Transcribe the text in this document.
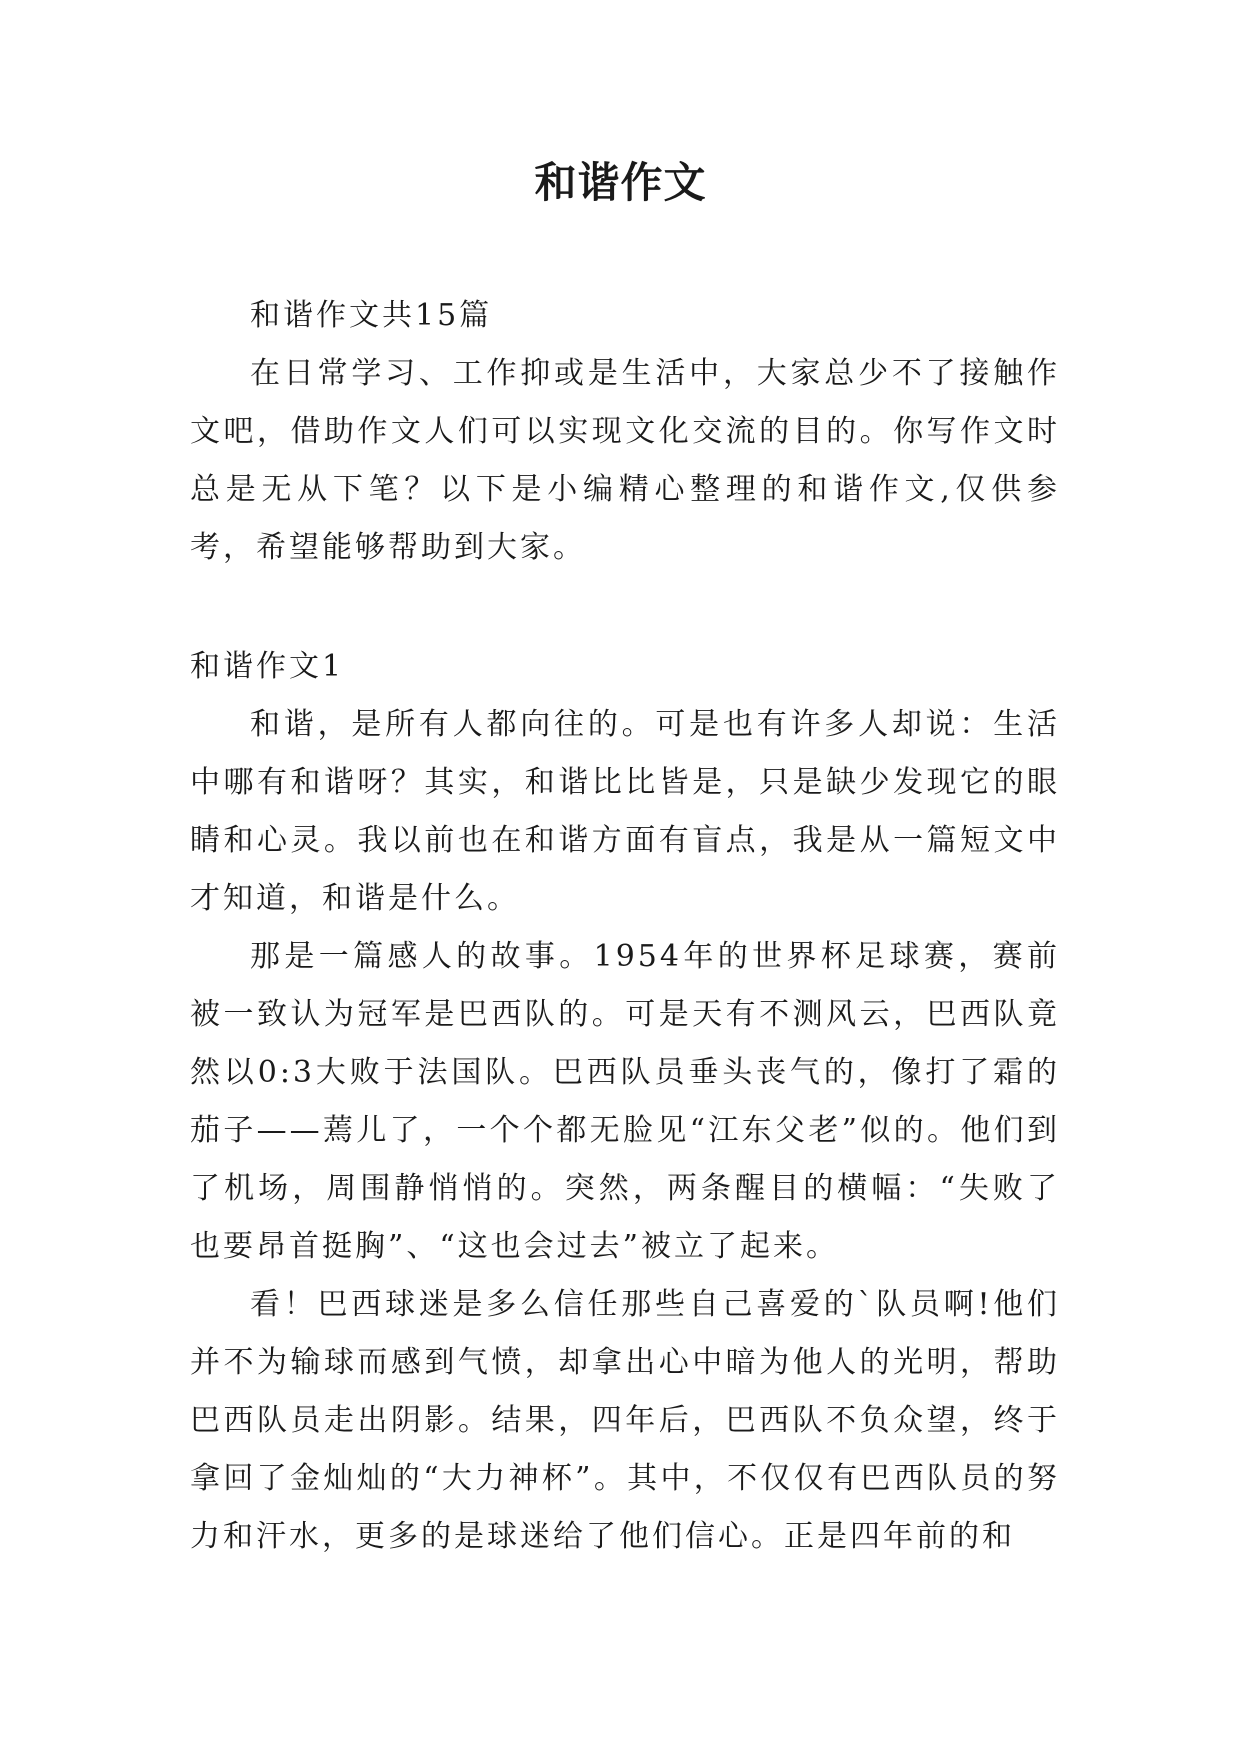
和谐作文

和谐作文共15篇

在日常学习、工作抑或是生活中，大家总少不了接触作文吧，借助作文人们可以实现文化交流的目的。你写作文时总是无从下笔？以下是小编精心整理的和谐作文,仅供参考，希望能够帮助到大家。

和谐作文1

和谐，是所有人都向往的。可是也有许多人却说：生活中哪有和谐呀？其实，和谐比比皆是，只是缺少发现它的眼睛和心灵。我以前也在和谐方面有盲点，我是从一篇短文中才知道，和谐是什么。

那是一篇感人的故事。1954年的世界杯足球赛，赛前被一致认为冠军是巴西队的。可是天有不测风云，巴西队竟然以0:3大败于法国队。巴西队员垂头丧气的，像打了霜的茄子——蔫儿了，一个个都无脸见“江东父老”似的。他们到了机场，周围静悄悄的。突然，两条醒目的横幅：“失败了也要昂首挺胸”、“这也会过去”被立了起来。

看！巴西球迷是多么信任那些自己喜爱的`队员啊!他们并不为输球而感到气愤，却拿出心中暗为他人的光明，帮助巴西队员走出阴影。结果，四年后，巴西队不负众望，终于拿回了金灿灿的“大力神杯”。其中，不仅仅有巴西队员的努力和汗水，更多的是球迷给了他们信心。正是四年前的和
